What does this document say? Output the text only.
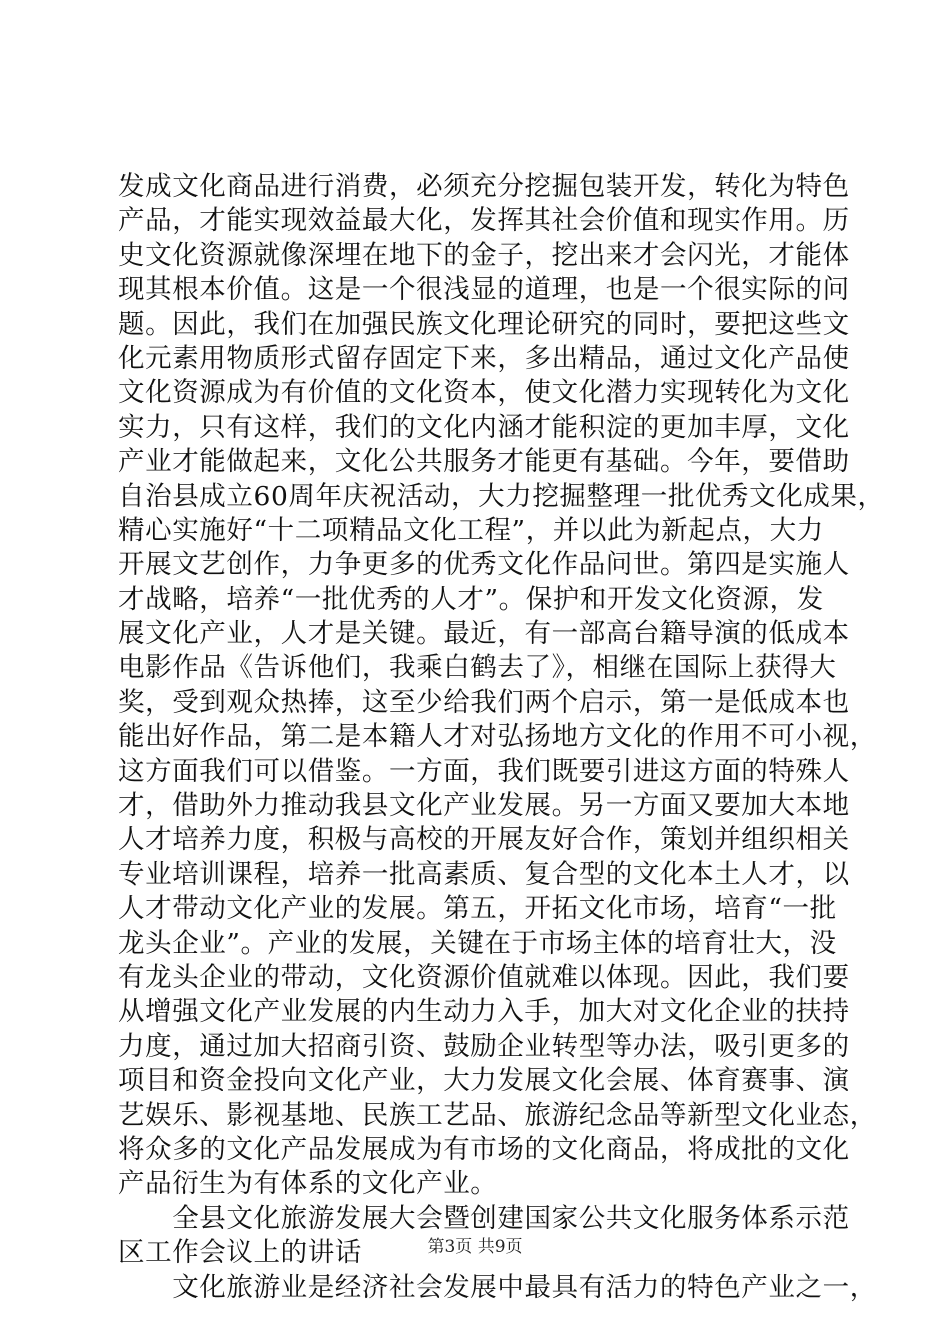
发成文化商品进行消费，必须充分挖掘包装开发，转化为特色
产品，才能实现效益最大化，发挥其社会价值和现实作用。历
史文化资源就像深埋在地下的金子，挖出来才会闪光，才能体
现其根本价值。这是一个很浅显的道理，也是一个很实际的问
题。因此，我们在加强民族文化理论研究的同时，要把这些文
化元素用物质形式留存固定下来，多出精品，通过文化产品使
文化资源成为有价值的文化资本，使文化潜力实现转化为文化
实力，只有这样，我们的文化内涵才能积淀的更加丰厚，文化
产业才能做起来，文化公共服务才能更有基础。今年，要借助
自治县成立60周年庆祝活动，大力挖掘整理一批优秀文化成果，
精心实施好“十二项精品文化工程”，并以此为新起点，大力
开展文艺创作，力争更多的优秀文化作品问世。第四是实施人
才战略，培养“一批优秀的人才”。保护和开发文化资源，发
展文化产业，人才是关键。最近，有一部高台籍导演的低成本
电影作品《告诉他们，我乘白鹤去了》，相继在国际上获得大
奖，受到观众热捧，这至少给我们两个启示，第一是低成本也
能出好作品，第二是本籍人才对弘扬地方文化的作用不可小视，
这方面我们可以借鉴。一方面，我们既要引进这方面的特殊人
才，借助外力推动我县文化产业发展。另一方面又要加大本地
人才培养力度，积极与高校的开展友好合作，策划并组织相关
专业培训课程，培养一批高素质、复合型的文化本土人才，以
人才带动文化产业的发展。第五，开拓文化市场，培育“一批
龙头企业”。产业的发展，关键在于市场主体的培育壮大，没
有龙头企业的带动，文化资源价值就难以体现。因此，我们要
从增强文化产业发展的内生动力入手，加大对文化企业的扶持
力度，通过加大招商引资、鼓励企业转型等办法，吸引更多的
项目和资金投向文化产业，大力发展文化会展、体育赛事、演
艺娱乐、影视基地、民族工艺品、旅游纪念品等新型文化业态，
将众多的文化产品发展成为有市场的文化商品，将成批的文化
产品衍生为有体系的文化产业。
　　全县文化旅游发展大会暨创建国家公共文化服务体系示范
区工作会议上的讲话
　　文化旅游业是经济社会发展中最具有活力的特色产业之一，
第3页 共9页
